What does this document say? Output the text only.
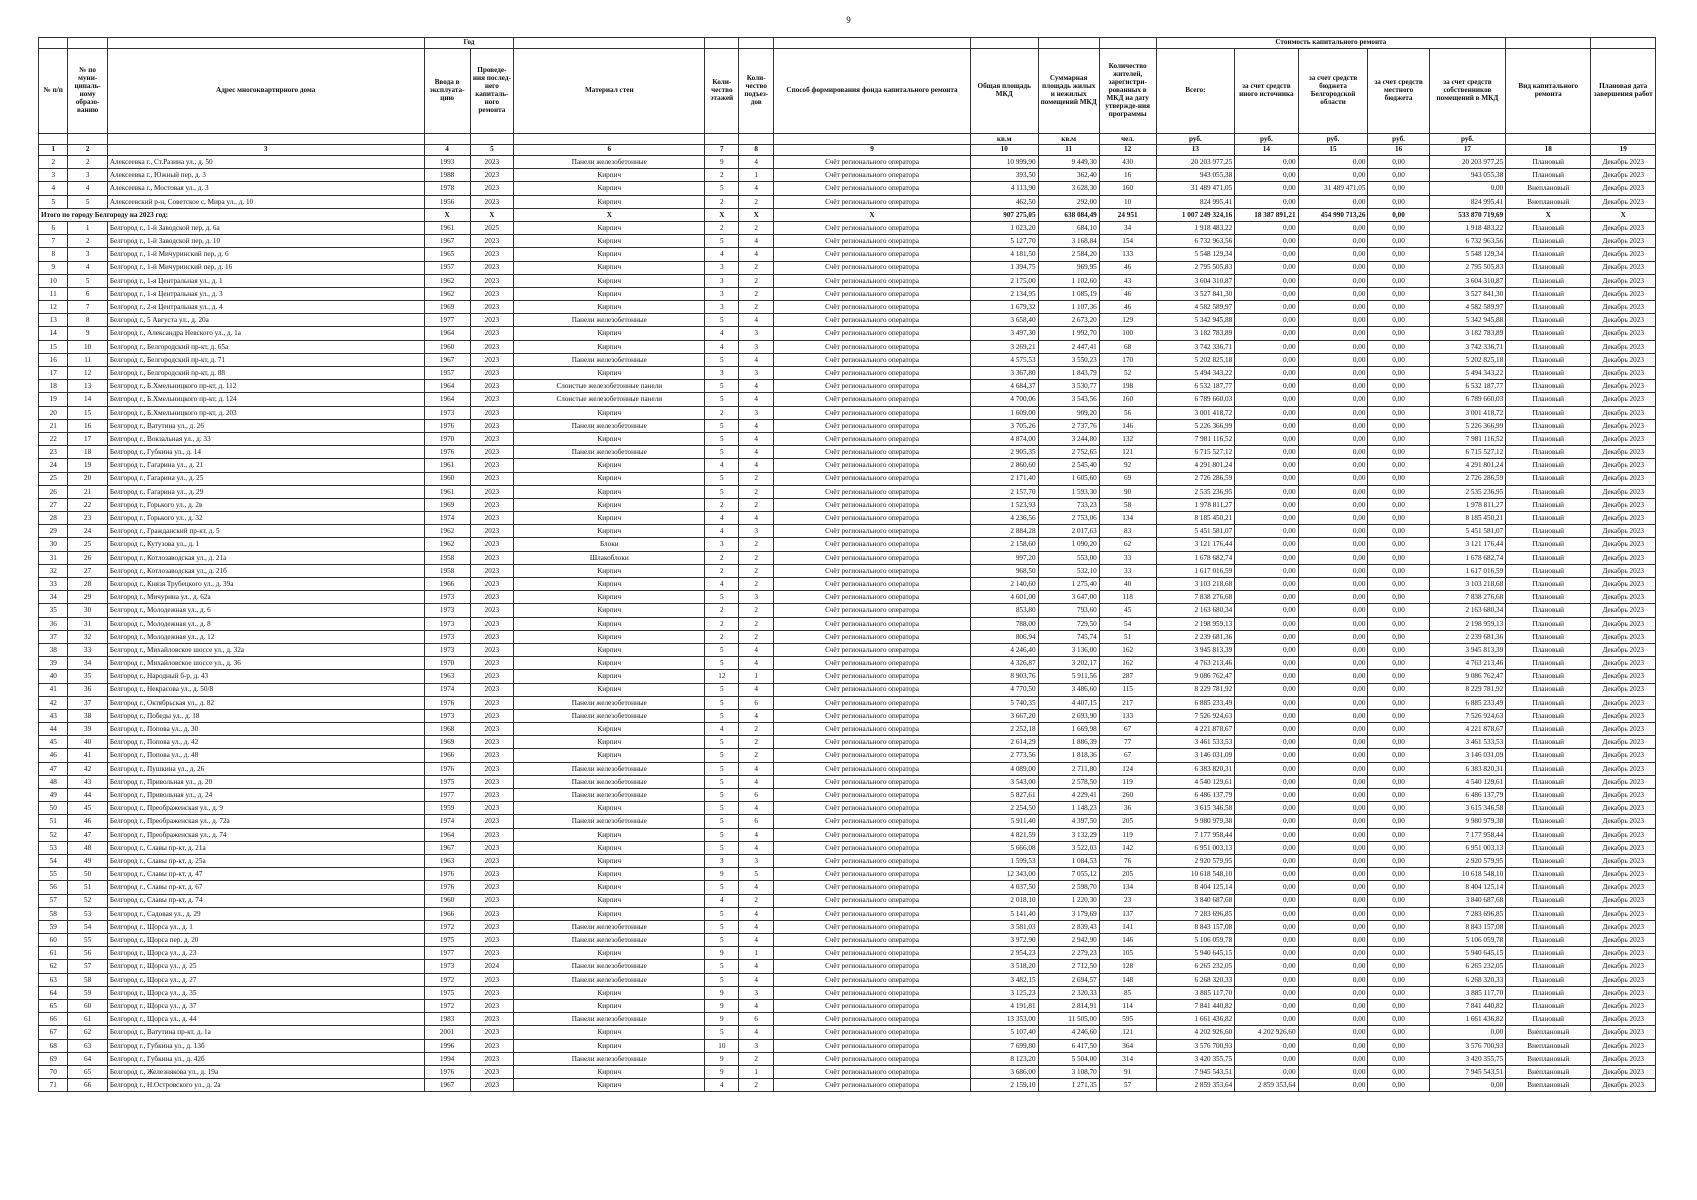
9
			Год									Стоимость капитального ремонта						
№ п/п	№ по муни-ципаль-ному образо-ванию	Адрес многоквартирного дома	Ввода в эксплуата-цию	Проведе-ния послед-него капиталь-ного ремонта	Материал стен	Коли-чество этажей	Коли-чество подъез-дов	Способ формирования фонда капитального ремонта	Общая площадь МКД	Суммарная площадь жилых и нежилых помещений МКД	Количество жителей, зарегистри-рованных в МКД на дату утвержде-ния программы	Всего:	за счет средств иного источника	за счет средств бюджета Белгородской области	за счет средств местного бюджета	за счет средств собственников помещений в МКД	Вид капитального ремонта	Плановая дата завершения работ
									кв.м	кв.м	чел.	руб.	руб.	руб.	руб.	руб.		
1	2	3	4	5	6	7	8	9	10	11	12	13	14	15	16	17	18	19
2	2	Алексеевка г., Ст.Разина ул., д. 50	1993	2023	Панели железобетонные	9	4	Счёт регионального оператора	10 999,90	9 449,30	430	20 203 977,25	0,00	0,00	0,00	20 203 977,25	Плановый	Декабрь 2023
3	3	Алексеевка г., Южный пер, д. 3	1988	2023	Кирпич	2	1	Счёт регионального оператора	393,50	362,40	16	943 055,38	0,00	0,00	0,00	943 055,38	Плановый	Декабрь 2023
4	4	Алексеевка г., Мостовая ул., д. 3	1978	2023	Кирпич	5	4	Счёт регионального оператора	4 113,90	3 628,30	160	31 489 471,05	0,00	31 489 471,05	0,00	0,00	Внеплановый	Декабрь 2023
5	5	Алексеевский р-н, Советское с, Мира ул., д. 10	1956	2023	Кирпич	2	2	Счёт регионального оператора	462,50	292,00	10	824 995,41	0,00	0,00	0,00	824 995,41	Внеплановый	Декабрь 2023
Итого по городу Белгороду на 2023 год:			X	X	X	X	X	X	907 275,05	638 084,49	24 951	1 007 249 324,16	18 387 891,21	454 990 713,26	0,00	533 870 719,69	X	X
6	1	Белгород г., 1-й Заводской пер, д. 6а	1961	2025	Кирпич	2	2	Счёт регионального оператора	1 023,20	684,10	34	1 918 483,22	0,00	0,00	0,00	1 918 483,22	Плановый	Декабрь 2023
7	2	Белгород г., 1-й Заводской пер, д. 10	1967	2023	Кирпич	5	4	Счёт регионального оператора	5 127,70	3 168,84	154	6 732 963,56	0,00	0,00	0,00	6 732 963,56	Плановый	Декабрь 2023
8	3	Белгород г., 1-й Мичуринский пер, д. 6	1965	2023	Кирпич	4	4	Счёт регионального оператора	4 181,50	2 584,20	133	5 548 129,34	0,00	0,00	0,00	5 548 129,34	Плановый	Декабрь 2023
9	4	Белгород г., 1-й Мичуринский пер, д. 16	1957	2023	Кирпич	3	2	Счёт регионального оператора	1 394,75	969,95	46	2 795 505,83	0,00	0,00	0,00	2 795 505,83	Плановый	Декабрь 2023
10	5	Белгород г., 1-я Центральная ул., д. 1	1962	2023	Кирпич	3	2	Счёт регионального оператора	2 175,00	1 102,60	43	3 604 310,87	0,00	0,00	0,00	3 604 310,87	Плановый	Декабрь 2023
11	6	Белгород г., 1-я Центральная ул., д. 3	1962	2023	Кирпич	3	2	Счёт регионального оператора	2 134,95	1 085,19	46	3 527 841,30	0,00	0,00	0,00	3 527 841,30	Плановый	Декабрь 2023
12	7	Белгород г., 2-я Центральная ул., д. 4	1969	2023	Кирпич	3	2	Счёт регионального оператора	1 679,32	1 107,36	46	4 582 589,97	0,00	0,00	0,00	4 582 589,97	Плановый	Декабрь 2023
13	8	Белгород г., 5 Августа ул., д. 20а	1977	2023	Панели железобетонные	5	4	Счёт регионального оператора	3 658,40	2 673,20	129	5 342 945,88	0,00	0,00	0,00	5 342 945,88	Плановый	Декабрь 2023
14	9	Белгород г., Александра Невского ул., д. 1а	1964	2023	Кирпич	4	3	Счёт регионального оператора	3 497,30	1 992,70	100	3 182 783,89	0,00	0,00	0,00	3 182 783,89	Плановый	Декабрь 2023
15	10	Белгород г., Белгородский пр-кт, д. 65а	1960	2023	Кирпич	4	3	Счёт регионального оператора	3 269,21	2 447,41	68	3 742 336,71	0,00	0,00	0,00	3 742 336,71	Плановый	Декабрь 2023
16	11	Белгород г., Белгородский пр-кт, д. 71	1967	2023	Панели железобетонные	5	4	Счёт регионального оператора	4 575,53	3 550,23	170	5 202 825,18	0,00	0,00	0,00	5 202 825,18	Плановый	Декабрь 2023
17	12	Белгород г., Белгородский пр-кт, д. 88	1957	2023	Кирпич	3	3	Счёт регионального оператора	3 367,80	1 843,79	52	5 494 343,22	0,00	0,00	0,00	5 494 343,22	Плановый	Декабрь 2023
18	13	Белгород г., Б.Хмельницкого пр-кт, д. 112	1964	2023	Слоистые железобетонные панели	5	4	Счёт регионального оператора	4 684,37	3 530,77	198	6 532 187,77	0,00	0,00	0,00	6 532 187,77	Плановый	Декабрь 2023
19	14	Белгород г., Б.Хмельницкого пр-кт, д. 124	1964	2023	Слоистые железобетонные панели	5	4	Счёт регионального оператора	4 700,06	3 543,56	160	6 789 660,03	0,00	0,00	0,00	6 789 660,03	Плановый	Декабрь 2023
20	15	Белгород г., Б.Хмельницкого пр-кт, д. 203	1973	2023	Кирпич	2	3	Счёт регионального оператора	1 609,00	909,20	56	3 001 418,72	0,00	0,00	0,00	3 001 418,72	Плановый	Декабрь 2023
21	16	Белгород г., Ватутина ул., д. 26	1976	2023	Панели железобетонные	5	4	Счёт регионального оператора	3 705,26	2 737,76	146	5 226 366,99	0,00	0,00	0,00	5 226 366,99	Плановый	Декабрь 2023
22	17	Белгород г., Вокзальная ул., д. 33	1970	2023	Кирпич	5	4	Счёт регионального оператора	4 874,00	3 244,80	132	7 981 116,52	0,00	0,00	0,00	7 981 116,52	Плановый	Декабрь 2023
23	18	Белгород г., Губкина ул., д. 14	1976	2023	Панели железобетонные	5	4	Счёт регионального оператора	2 905,35	2 752,65	121	6 715 527,12	0,00	0,00	0,00	6 715 527,12	Плановый	Декабрь 2023
24	19	Белгород г., Гагарина ул., д. 21	1961	2023	Кирпич	4	4	Счёт регионального оператора	2 860,60	2 545,40	92	4 291 801,24	0,00	0,00	0,00	4 291 801,24	Плановый	Декабрь 2023
25	20	Белгород г., Гагарина ул., д. 25	1960	2023	Кирпич	5	2	Счёт регионального оператора	2 171,40	1 605,60	69	2 726 286,59	0,00	0,00	0,00	2 726 286,59	Плановый	Декабрь 2023
26	21	Белгород г., Гагарина ул., д. 29	1961	2023	Кирпич	5	2	Счёт регионального оператора	2 157,70	1 593,30	90	2 535 236,95	0,00	0,00	0,00	2 535 236,95	Плановый	Декабрь 2023
27	22	Белгород г., Горького ул., д. 2в	1969	2023	Кирпич	2	2	Счёт регионального оператора	1 523,93	733,23	58	1 978 811,27	0,00	0,00	0,00	1 978 811,27	Плановый	Декабрь 2023
28	23	Белгород г., Горького ул., д. 32	1974	2023	Кирпич	4	4	Счёт регионального оператора	4 236,56	2 753,06	134	8 185 450,21	0,00	0,00	0,00	8 185 450,21	Плановый	Декабрь 2023
29	24	Белгород г., Гражданский пр-кт, д. 5	1962	2023	Кирпич	4	3	Счёт регионального оператора	2 884,28	2 017,63	83	5 451 581,07	0,00	0,00	0,00	5 451 581,07	Плановый	Декабрь 2023
30	25	Белгород г., Кутузова ул., д. 1	1962	2023	Блоки	3	2	Счёт регионального оператора	2 158,60	1 090,20	62	3 121 176,44	0,00	0,00	0,00	3 121 176,44	Плановый	Декабрь 2023
31	26	Белгород г., Котлозаводская ул., д. 21а	1958	2023	Шлакоблоки	2	2	Счёт регионального оператора	997,20	553,00	33	1 678 682,74	0,00	0,00	0,00	1 678 682,74	Плановый	Декабрь 2023
32	27	Белгород г., Котлозаводская ул., д. 21б	1958	2023	Кирпич	2	2	Счёт регионального оператора	968,50	532,10	33	1 617 016,59	0,00	0,00	0,00	1 617 016,59	Плановый	Декабрь 2023
33	28	Белгород г., Князя Трубецкого ул., д. 39а	1966	2023	Кирпич	4	2	Счёт регионального оператора	2 140,60	1 275,40	40	3 103 218,68	0,00	0,00	0,00	3 103 218,68	Плановый	Декабрь 2023
34	29	Белгород г., Мичурина ул., д. 62а	1973	2023	Кирпич	5	3	Счёт регионального оператора	4 601,00	3 647,00	118	7 838 276,68	0,00	0,00	0,00	7 838 276,68	Плановый	Декабрь 2023
35	30	Белгород г., Молодежная ул., д. 6	1973	2023	Кирпич	2	2	Счёт регионального оператора	853,80	793,60	45	2 163 680,34	0,00	0,00	0,00	2 163 680,34	Плановый	Декабрь 2023
36	31	Белгород г., Молодежная ул., д. 8	1973	2023	Кирпич	2	2	Счёт регионального оператора	788,00	729,50	54	2 198 959,13	0,00	0,00	0,00	2 198 959,13	Плановый	Декабрь 2023
37	32	Белгород г., Молодежная ул., д. 12	1973	2023	Кирпич	2	2	Счёт регионального оператора	806,94	745,74	51	2 239 681,36	0,00	0,00	0,00	2 239 681,36	Плановый	Декабрь 2023
38	33	Белгород г., Михайловское шоссе ул., д. 32а	1973	2023	Кирпич	5	4	Счёт регионального оператора	4 246,40	3 136,00	162	3 945 813,39	0,00	0,00	0,00	3 945 813,39	Плановый	Декабрь 2023
39	34	Белгород г., Михайловское шоссе ул., д. 36	1970	2023	Кирпич	5	4	Счёт регионального оператора	4 326,87	3 202,17	162	4 763 213,46	0,00	0,00	0,00	4 763 213,46	Плановый	Декабрь 2023
40	35	Белгород г., Народный б-р, д. 43	1963	2023	Кирпич	12	1	Счёт регионального оператора	8 903,76	5 911,56	287	9 086 762,47	0,00	0,00	0,00	9 086 762,47	Плановый	Декабрь 2023
41	36	Белгород г., Некрасова ул., д. 50/8	1974	2023	Кирпич	5	4	Счёт регионального оператора	4 770,50	3 486,60	115	8 229 781,92	0,00	0,00	0,00	8 229 781,92	Плановый	Декабрь 2023
42	37	Белгород г., Октябрьская ул., д. 82	1976	2023	Панели железобетонные	5	6	Счёт регионального оператора	5 740,35	4 407,15	217	6 885 233,49	0,00	0,00	0,00	6 885 233,49	Плановый	Декабрь 2023
43	38	Белгород г., Победы ул., д. 18	1973	2023	Панели железобетонные	5	4	Счёт регионального оператора	3 667,20	2 693,90	133	7 526 924,63	0,00	0,00	0,00	7 526 924,63	Плановый	Декабрь 2023
44	39	Белгород г., Попова ул., д. 30	1968	2023	Кирпич	4	2	Счёт регионального оператора	2 252,18	1 669,98	67	4 221 878,67	0,00	0,00	0,00	4 221 878,67	Плановый	Декабрь 2023
45	40	Белгород г., Попова ул., д. 42	1969	2023	Кирпич	5	2	Счёт регионального оператора	2 614,29	1 886,39	77	3 461 533,53	0,00	0,00	0,00	3 461 533,53	Плановый	Декабрь 2023
46	41	Белгород г., Попова ул., д. 48	1966	2023	Кирпич	5	2	Счёт регионального оператора	2 773,56	1 818,36	67	3 146 031,09	0,00	0,00	0,00	3 146 031,09	Плановый	Декабрь 2023
47	42	Белгород г., Пушкина ул., д. 26	1976	2023	Панели железобетонные	5	4	Счёт регионального оператора	4 089,00	2 711,80	124	6 383 820,31	0,00	0,00	0,00	6 383 820,31	Плановый	Декабрь 2023
48	43	Белгород г., Привольная ул., д. 20	1975	2023	Панели железобетонные	5	4	Счёт регионального оператора	3 543,00	2 578,50	119	4 540 129,61	0,00	0,00	0,00	4 540 129,61	Плановый	Декабрь 2023
49	44	Белгород г., Привольная ул., д. 24	1977	2023	Панели железобетонные	5	6	Счёт регионального оператора	5 827,61	4 229,41	260	6 486 137,79	0,00	0,00	0,00	6 486 137,79	Плановый	Декабрь 2023
50	45	Белгород г., Преображенская ул., д. 9	1959	2023	Кирпич	5	4	Счёт регионального оператора	2 254,50	1 148,23	36	3 615 346,58	0,00	0,00	0,00	3 615 346,58	Плановый	Декабрь 2023
51	46	Белгород г., Преображенская ул., д. 72а	1974	2023	Панели железобетонные	5	6	Счёт регионального оператора	5 911,40	4 397,50	205	9 980 979,38	0,00	0,00	0,00	9 980 979,38	Плановый	Декабрь 2023
52	47	Белгород г., Преображенская ул., д. 74	1964	2023	Кирпич	5	4	Счёт регионального оператора	4 821,59	3 132,29	119	7 177 958,44	0,00	0,00	0,00	7 177 958,44	Плановый	Декабрь 2023
53	48	Белгород г., Славы пр-кт, д. 21а	1967	2023	Кирпич	5	4	Счёт регионального оператора	5 666,08	3 522,03	142	6 951 003,13	0,00	0,00	0,00	6 951 003,13	Плановый	Декабрь 2023
54	49	Белгород г., Славы пр-кт, д. 25а	1963	2023	Кирпич	3	3	Счёт регионального оператора	1 599,53	1 084,53	76	2 920 579,95	0,00	0,00	0,00	2 920 579,95	Плановый	Декабрь 2023
55	50	Белгород г., Славы пр-кт, д. 47	1976	2023	Кирпич	9	5	Счёт регионального оператора	12 343,00	7 055,12	205	10 618 548,10	0,00	0,00	0,00	10 618 548,10	Плановый	Декабрь 2023
56	51	Белгород г., Славы пр-кт, д. 67	1976	2023	Кирпич	5	4	Счёт регионального оператора	4 037,50	2 598,70	134	8 404 125,14	0,00	0,00	0,00	8 404 125,14	Плановый	Декабрь 2023
57	52	Белгород г., Славы пр-кт, д. 74	1960	2023	Кирпич	4	2	Счёт регионального оператора	2 018,10	1 220,30	23	3 840 687,68	0,00	0,00	0,00	3 840 687,68	Плановый	Декабрь 2023
58	53	Белгород г., Садовая ул., д. 29	1966	2023	Кирпич	5	4	Счёт регионального оператора	5 141,40	3 179,69	137	7 283 696,85	0,00	0,00	0,00	7 283 696,85	Плановый	Декабрь 2023
59	54	Белгород г., Щорса ул., д. 1	1972	2023	Панели железобетонные	5	4	Счёт регионального оператора	3 581,03	2 839,43	141	8 843 157,08	0,00	0,00	0,00	8 843 157,08	Плановый	Декабрь 2023
60	55	Белгород г., Щорса пер, д. 20	1975	2023	Панели железобетонные	5	4	Счёт регионального оператора	3 972,90	2 942,90	146	5 106 059,78	0,00	0,00	0,00	5 106 059,78	Плановый	Декабрь 2023
61	56	Белгород г., Щорса ул., д. 23	1977	2023	Кирпич	9	1	Счёт регионального оператора	2 954,23	2 279,23	105	5 940 645,15	0,00	0,00	0,00	5 940 645,15	Плановый	Декабрь 2023
62	57	Белгород г., Щорса ул., д. 25	1973	2024	Панели железобетонные	5	4	Счёт регионального оператора	3 518,20	2 712,50	128	6 265 232,05	0,00	0,00	0,00	6 265 232,05	Плановый	Декабрь 2023
63	58	Белгород г., Щорса ул., д. 27	1972	2023	Панели железобетонные	5	4	Счёт регионального оператора	3 482,15	2 694,57	148	6 268 320,33	0,00	0,00	0,00	6 268 320,33	Плановый	Декабрь 2023
64	59	Белгород г., Щорса ул., д. 35	1975	2023	Кирпич	9	3	Счёт регионального оператора	3 125,23	2 320,33	85	3 885 117,70	0,00	0,00	0,00	3 885 117,70	Плановый	Декабрь 2023
65	60	Белгород г., Щорса ул., д. 37	1972	2023	Кирпич	9	4	Счёт регионального оператора	4 191,81	2 814,91	114	7 841 440,82	0,00	0,00	0,00	7 841 440,82	Плановый	Декабрь 2023
66	61	Белгород г., Щорса ул., д. 44	1983	2023	Панели железобетонные	9	6	Счёт регионального оператора	13 353,00	11 505,00	595	1 661 436,82	0,00	0,00	0,00	1 661 436,82	Плановый	Декабрь 2023
67	62	Белгород г., Ватутина пр-кт, д. 1а	2001	2023	Кирпич	5	4	Счёт регионального оператора	5 107,40	4 246,60	121	4 202 926,60	4 202 926,60	0,00	0,00	0,00	Внеплановый	Декабрь 2023
68	63	Белгород г., Губкина ул., д. 13б	1996	2023	Кирпич	10	3	Счёт регионального оператора	7 699,80	6 417,50	364	3 576 700,93	0,00	0,00	0,00	3 576 700,93	Внеплановый	Декабрь 2023
69	64	Белгород г., Губкина ул., д. 42б	1994	2023	Панели железобетонные	9	2	Счёт регионального оператора	8 123,20	5 504,00	314	3 420 355,75	0,00	0,00	0,00	3 420 355,75	Внеплановый	Декабрь 2023
70	65	Белгород г., Железнякова ул., д. 19а	1976	2023	Кирпич	9	1	Счёт регионального оператора	3 686,00	3 108,70	91	7 945 543,51	0,00	0,00	0,00	7 945 543,51	Внеплановый	Декабрь 2023
71	66	Белгород г., Н.Островского ул., д. 2а	1967	2023	Кирпич	4	2	Счёт регионального оператора	2 159,10	1 271,35	57	2 859 353,64	2 859 353,64	0,00	0,00	0,00	Внеплановый	Декабрь 2023
